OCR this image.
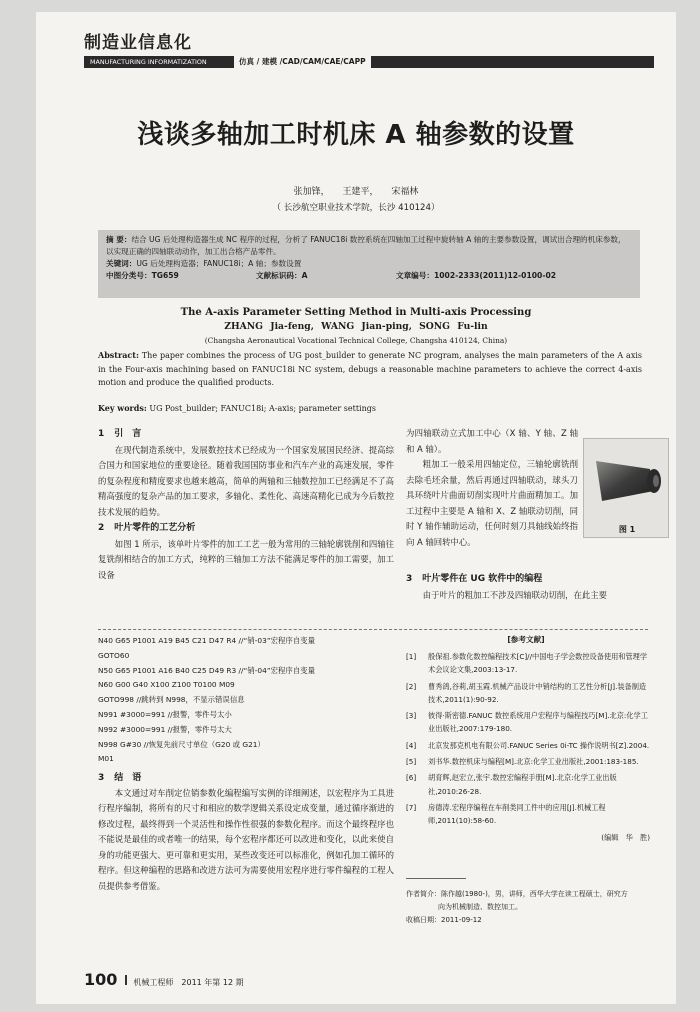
制造业信息化
MANUFACTURING INFORMATIZATION	仿真 / 建模 /CAD/CAM/CAE/CAPP
浅谈多轴加工时机床 A 轴参数的设置
张加锋， 王建平， 宋福林
（ 长沙航空职业技术学院，长沙 410124）
摘 要：结合 UG 后处理构造器生成 NC 程序的过程，分析了 FANUC18i 数控系统在四轴加工过程中旋转轴 A 轴的主要参数设置，调试出合理的机床参数，以实现正确的四轴联动动作，加工出合格产品零件。
关键词：UG 后处理构造器；FANUC18i；A 轴；参数设置
中图分类号：TG659	文献标识码：A	文章编号：1002-2333(2011)12-0100-02
The A-axis Parameter Setting Method in Multi-axis Processing
ZHANG Jia-feng, WANG Jian-ping, SONG Fu-lin
(Changsha Aeronautical Vocational Technical College, Changsha 410124, China)
Abstract: The paper combines the process of UG post_builder to generate NC program, analyses the main parameters of the A axis in the Four-axis machining based on FANUC18i NC system, debugs a reasonable machine parameters to achieve the correct 4-axis motion and produce the qualified products.
Key words: UG Post_builder; FANUC18i; A-axis; parameter settings
1 引　言

在现代制造系统中，发展数控技术已经成为一个国家发展国民经济、提高综合国力和国家地位的重要途径。随着我国国防事业和汽车产业的高速发展，零件的复杂程度和精度要求也越来越高，简单的两轴和三轴数控加工已经满足不了高精高强度的复杂产品的加工要求，多轴化、柔性化、高速高精化已成为今后数控技术发展的趋势。

2 叶片零件的工艺分析

如图 1 所示，该单叶片零件的加工工艺一般为常用的三轴轮廓铣削和四轴往复铣削相结合的加工方式，纯粹的三轴加工方法不能满足零件的加工需要，加工设备

为四轴联动立式加工中心（X 轴、Y 轴、Z 轴和 A 轴）。

粗加工一般采用四轴定位，三轴轮廓铣削去除毛坯余量，然后再通过四轴联动，球头刀具环绕叶片曲面切削实现叶片曲面精加工。加工过程中主要是 A 轴和 X、Z 轴联动切削，同时 Y 轴作辅助运动，任何时刻刀具轴线始终指向 A 轴回转中心。

3 叶片零件在 UG 软件中的编程

由于叶片的粗加工不涉及四轴联动切削，在此主要

图 1
N40 G65 P1001 A19 B45 C21 D47 R4 //“销-03”宏程序自变量
GOTO60
N50 G65 P1001 A16 B40 C25 D49 R3 //“销-04”宏程序自变量
N60 G00 G40 X100 Z100 T0100 M09
GOTO998 //跳转到 N998，不显示错误信息
N991 #3000=991 //报警，零件号太小
N992 #3000=991 //报警，零件号太大
N998 G#30 //恢复先前尺寸单位（G20 或 G21）
M01
3 结　语

本文通过对车削定位销参数化编程编写实例的详细阐述，以宏程序为工具进行程序编制，将所有的尺寸和相应的数学逻辑关系设定成变量，通过循序渐进的修改过程，最终得到一个灵活性和操作性很强的参数化程序。而这个最终程序也不能说是最佳的或者唯一的结果，每个宏程序都还可以改进和变化，以此来使自身的功能更强大、更可靠和更实用，某些改变还可以标准化，例如孔加工循环的程序。但这种编程的思路和改进方法可为需要使用宏程序进行零件编程的工程人员提供参考借鉴。

[参考文献]
[1]	殷保祖.参数化数控编程技术[C]//中国电子学会数控设备使用和管理学术会议论文集,2003:13-17.
[2]	曹秀鸽,谷莉,胡玉霞.机械产品设计中销结构的工艺性分析[J].装备制造技术,2011(1):90-92.
[3]	彼得·斯密德.FANUC 数控系统用户宏程序与编程技巧[M].北京:化学工业出版社,2007:179-180.
[4]	北京发那克机电有限公司.FANUC Series 0i-TC 操作说明书[Z].2004.
[5]	刘书华.数控机床与编程[M].北京:化学工业出版社,2001:183-185.
[6]	胡育辉,赵宏立,张宇.数控宏编程手册[M].北京:化学工业出版社,2010:26-28.
[7]	房德涛.宏程序编程在车削类同工件中的应用[J].机械工程师,2011(10):58-60.
(编辑　华　胜)
作者简介：陈作越(1980-)，男，讲师，西华大学在读工程硕士，研究方
向为机械制造、数控加工。
收稿日期：2011-09-12
100 机械工程师　2011 年第 12 期
